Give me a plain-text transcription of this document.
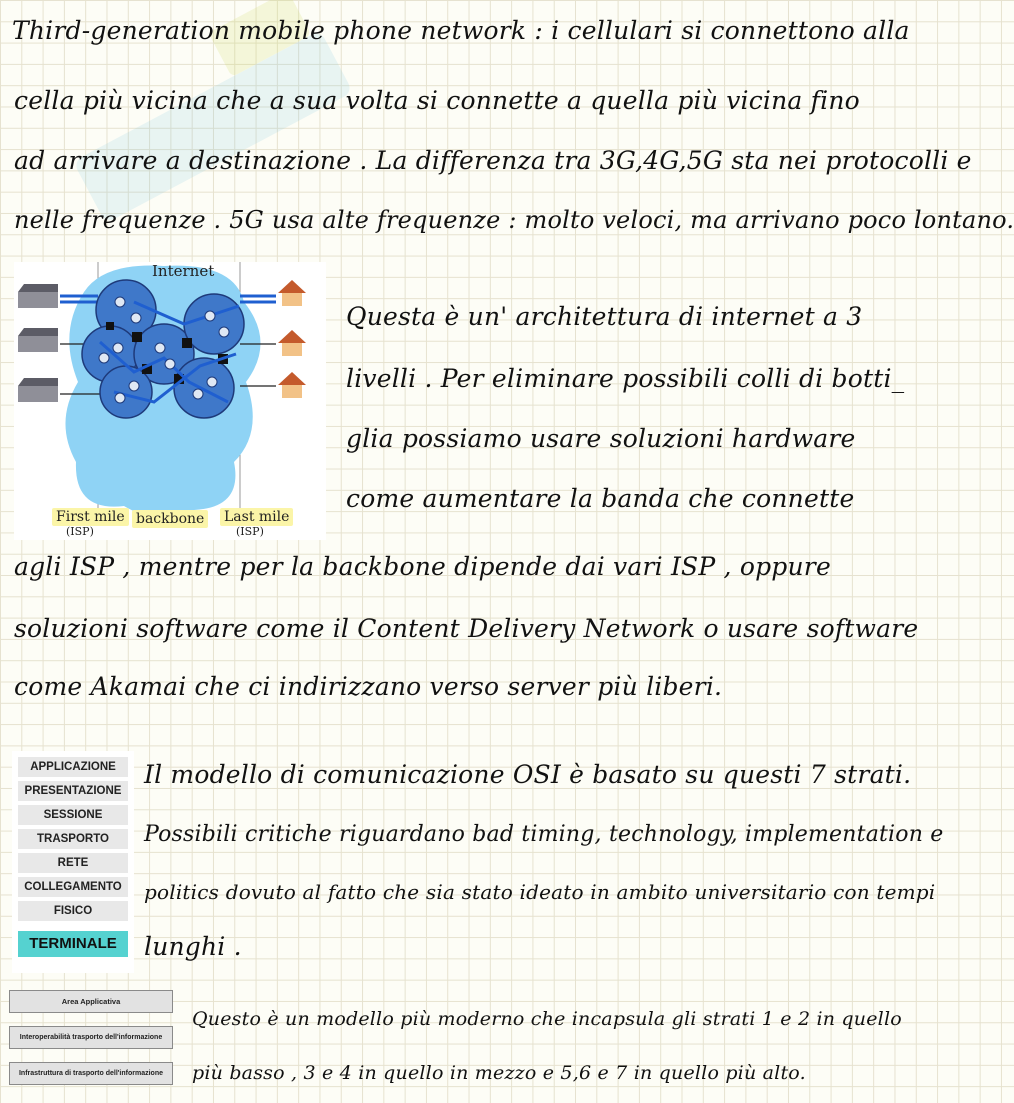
Third-generation mobile phone network : i cellulari si connettono alla
cella più vicina che a sua volta si connette a quella più vicina fino
ad arrivare a destinazione . La differenza tra 3G,4G,5G sta nei protocolli e
nelle frequenze . 5G usa alte frequenze : molto veloci, ma arrivano poco lontano.
Internet
First mile
(ISP)
backbone Last mile
(ISP)
Questa è un' architettura di internet a 3
livelli . Per eliminare possibili colli di botti_
glia possiamo usare soluzioni hardware
come aumentare la banda che connette
agli ISP , mentre per la backbone dipende dai vari ISP , oppure
soluzioni software come il Content Delivery Network o usare software
come Akamai che ci indirizzano verso server più liberi.
APPLICAZIONE
PRESENTAZIONE
SESSIONE
TRASPORTO
RETE
COLLEGAMENTO
FISICO
TERMINALE
Il modello di comunicazione OSI è basato su questi 7 strati.
Possibili critiche riguardano bad timing, technology, implementation e
politics dovuto al fatto che sia stato ideato in ambito universitario con tempi
lunghi .
Area Applicativa
Interoperabilità trasporto dell'informazione
Infrastruttura di trasporto dell'informazione
Questo è un modello più moderno che incapsula gli strati 1 e 2 in quello
più basso , 3 e 4 in quello in mezzo e 5,6 e 7 in quello più alto.
